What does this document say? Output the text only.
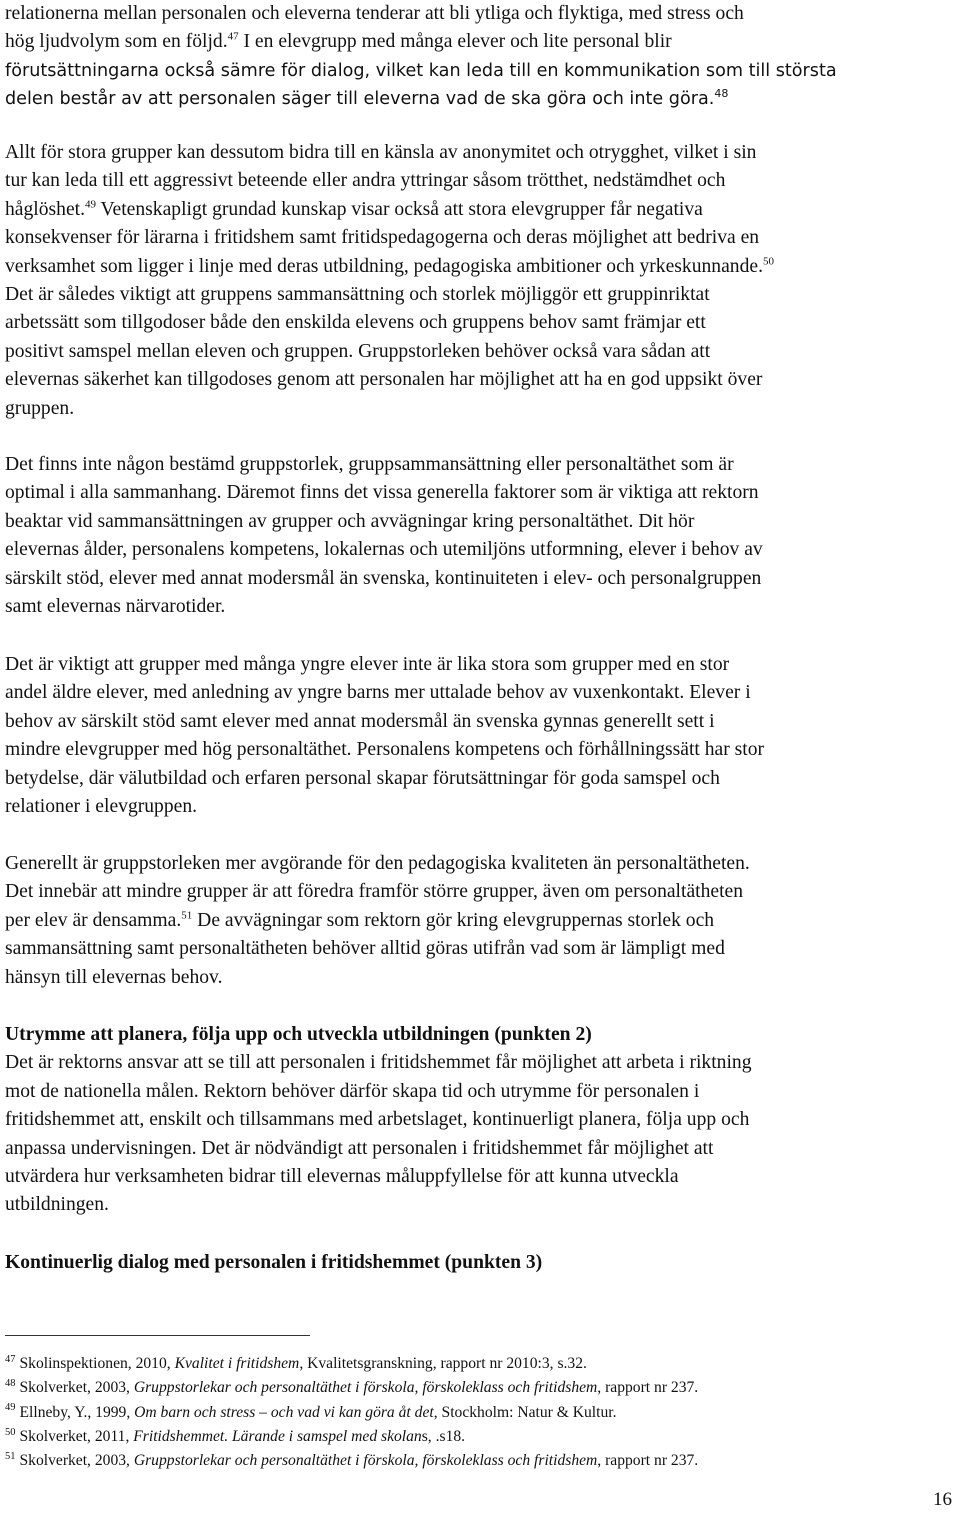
relationerna mellan personalen och eleverna tenderar att bli ytliga och flyktiga, med stress och

hög ljudvolym som en följd.$^{47}$ I en elevgrupp med många elever och lite personal blir

förutsättningarna också sämre för dialog, vilket kan leda till en kommunikation som till största

delen består av att personalen säger till eleverna vad de ska göra och inte göra.$^{48}$

Allt för stora grupper kan dessutom bidra till en känsla av anonymitet och otrygghet, vilket i sin

tur kan leda till ett aggressivt beteende eller andra yttringar såsom trötthet, nedstämdhet och

håglöshet.$^{49}$ Vetenskapligt grundad kunskap visar också att stora elevgrupper får negativa

konsekvenser för lärarna i fritidshem samt fritidspedagogerna och deras möjlighet att bedriva en

verksamhet som ligger i linje med deras utbildning, pedagogiska ambitioner och yrkeskunnande.$^{50}$

Det är således viktigt att gruppens sammansättning och storlek möjliggör ett gruppinriktat

arbetssätt som tillgodoser både den enskilda elevens och gruppens behov samt främjar ett

positivt samspel mellan eleven och gruppen. Gruppstorleken behöver också vara sådan att

elevernas säkerhet kan tillgodoses genom att personalen har möjlighet att ha en god uppsikt över

gruppen.

Det finns inte någon bestämd gruppstorlek, gruppsammansättning eller personaltäthet som är

optimal i alla sammanhang. Däremot finns det vissa generella faktorer som är viktiga att rektorn

beaktar vid sammansättningen av grupper och avvägningar kring personaltäthet. Dit hör

elevernas ålder, personalens kompetens, lokalernas och utemiljöns utformning, elever i behov av

särskilt stöd, elever med annat modersmål än svenska, kontinuiteten i elev- och personalgruppen

samt elevernas närvarotider.

Det är viktigt att grupper med många yngre elever inte är lika stora som grupper med en stor

andel äldre elever, med anledning av yngre barns mer uttalade behov av vuxenkontakt. Elever i

behov av särskilt stöd samt elever med annat modersmål än svenska gynnas generellt sett i

mindre elevgrupper med hög personaltäthet. Personalens kompetens och förhållningssätt har stor

betydelse, där välutbildad och erfaren personal skapar förutsättningar för goda samspel och

relationer i elevgruppen.

Generellt är gruppstorleken mer avgörande för den pedagogiska kvaliteten än personaltätheten.

Det innebär att mindre grupper är att föredra framför större grupper, även om personaltätheten

per elev är densamma.$^{51}$ De avvägningar som rektorn gör kring elevgruppernas storlek och

sammansättning samt personaltätheten behöver alltid göras utifrån vad som är lämpligt med

hänsyn till elevernas behov.

Utrymme att planera, följa upp och utveckla utbildningen (punkten 2)

Det är rektorns ansvar att se till att personalen i fritidshemmet får möjlighet att arbeta i riktning

mot de nationella målen. Rektorn behöver därför skapa tid och utrymme för personalen i

fritidshemmet att, enskilt och tillsammans med arbetslaget, kontinuerligt planera, följa upp och

anpassa undervisningen. Det är nödvändigt att personalen i fritidshemmet får möjlighet att

utvärdera hur verksamheten bidrar till elevernas måluppfyllelse för att kunna utveckla

utbildningen.

Kontinuerlig dialog med personalen i fritidshemmet (punkten 3)

$^{47}$ Skolinspektionen, 2010, Kvalitet i fritidshem, Kvalitetsgranskning, rapport nr 2010:3, s.32.

$^{48}$ Skolverket, 2003, Gruppstorlekar och personaltäthet i förskola, förskoleklass och fritidshem, rapport nr 237.

$^{49}$ Ellneby, Y., 1999, Om barn och stress – och vad vi kan göra åt det, Stockholm: Natur & Kultur.

$^{50}$ Skolverket, 2011, Fritidshemmet. Lärande i samspel med skolans, .s18.

$^{51}$ Skolverket, 2003, Gruppstorlekar och personaltäthet i förskola, förskoleklass och fritidshem, rapport nr 237.

16
